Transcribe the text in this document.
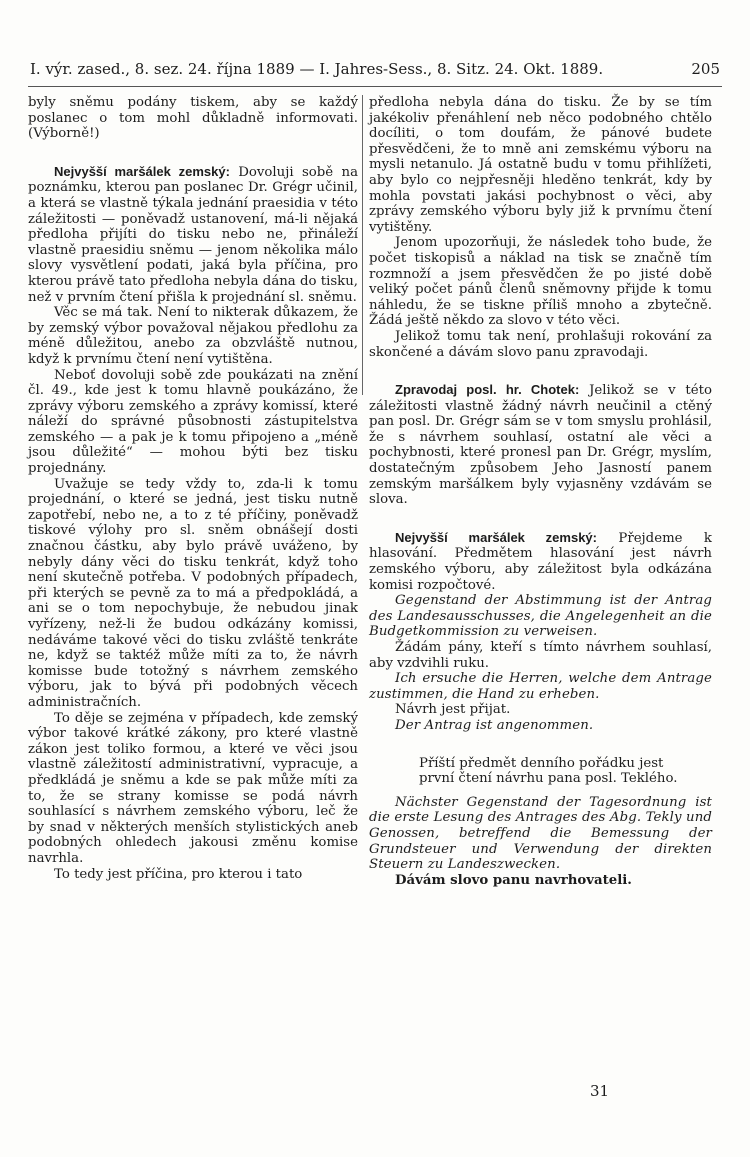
I. výr. zased., 8. sez. 24. října 1889 — I. Jahres-Sess., 8. Sitz. 24. Okt. 1889.	205

byly sněmu podány tiskem, aby se každý poslanec o tom mohl důkladně informovati. (Výborně!)

Nejvyšší maršálek zemský: Dovoluji sobě na poznámku, kterou pan poslanec Dr. Grégr učinil, a která se vlastně týkala jednání praesidia v této záležitosti — poněvadž ustanovení, má-li nějaká předloha přijíti do tisku nebo ne, přináleží vlastně praesidiu sněmu — jenom několika málo slovy vysvětlení podati, jaká byla příčina, pro kterou právě tato předloha nebyla dána do tisku, než v prvním čtení přišla k projednání sl. sněmu.

Věc se má tak. Není to nikterak důkazem, že by zemský výbor považoval nějakou předlohu za méně důležitou, anebo za obzvláště nutnou, když k prvnímu čtení není vytištěna.

Neboť dovoluji sobě zde poukázati na znění čl. 49., kde jest k tomu hlavně poukázáno, že zprávy výboru zemského a zprávy komissí, které náleží do správné působnosti zástupitelstva zemského — a pak je k tomu připojeno a „méně jsou důležité“ — mohou býti bez tisku projednány.

Uvažuje se tedy vždy to, zda-li k tomu projednání, o které se jedná, jest tisku nutně zapotřebí, nebo ne, a to z té příčiny, poněvadž tiskové výlohy pro sl. sněm obnášejí dosti značnou částku, aby bylo právě uváženo, by nebyly dány věci do tisku tenkrát, když toho není skutečně potřeba. V podobných případech, při kterých se pevně za to má a předpokládá, a ani se o tom nepochybuje, že nebudou jinak vyřízeny, než-li že budou odkázány komissi, nedáváme takové věci do tisku zvláště tenkráte ne, když se taktéž může míti za to, že návrh komisse bude totožný s návrhem zemského výboru, jak to bývá při podobných věcech administračních.

To děje se zejména v případech, kde zemský výbor takové krátké zákony, pro které vlastně zákon jest toliko formou, a které ve věci jsou vlastně záležitostí administrativní, vypracuje, a předkládá je sněmu a kde se pak může míti za to, že se strany komisse se podá návrh souhlasící s návrhem zemského výboru, leč že by snad v některých menších stylistických aneb podobných ohledech jakousi změnu komise navrhla.

To tedy jest příčina, pro kterou i tato

předloha nebyla dána do tisku. Že by se tím jakékoliv přenáhlení neb něco podobného chtělo docíliti, o tom doufám, že pánové budete přesvědčeni, že to mně ani zemskému výboru na mysli netanulo. Já ostatně budu v tomu přihlížeti, aby bylo co nejpřesněji hleděno tenkrát, kdy by mohla povstati jakási pochybnost o věci, aby zprávy zemského výboru byly již k prvnímu čtení vytištěny.

Jenom upozorňuji, že následek toho bude, že počet tiskopisů a náklad na tisk se značně tím rozmnoží a jsem přesvědčen že po jisté době veliký počet pánů členů sněmovny přijde k tomu náhledu, že se tiskne příliš mnoho a zbytečně. Žádá ještě někdo za slovo v této věci.

Jelikož tomu tak není, prohlašuji rokování za skončené a dávám slovo panu zpravodaji.

Zpravodaj posl. hr. Chotek: Jelikož se v této záležitosti vlastně žádný návrh neučinil a ctěný pan posl. Dr. Grégr sám se v tom smyslu prohlásil, že s návrhem souhlasí, ostatní ale věci a pochybnosti, které pronesl pan Dr. Grégr, myslím, dostatečným způsobem Jeho Jasností panem zemským maršálkem byly vyjasněny vzdávám se slova.

Nejvyšší maršálek zemský: Přejdeme k hlasování. Předmětem hlasování jest návrh zemského výboru, aby záležitost byla odkázána komisi rozpočtové.

Gegenstand der Abstimmung ist der Antrag des Landesausschusses, die Angelegenheit an die Budgetkommission zu verweisen.

Žádám pány, kteří s tímto návrhem souhlasí, aby vzdvihli ruku.

Ich ersuche die Herren, welche dem Antrage zustimmen, die Hand zu erheben.

Návrh jest přijat.

Der Antrag ist angenommen.

Příští předmět denního pořádku jest první čtení návrhu pana posl. Teklého.

Nächster Gegenstand der Tagesordnung ist die erste Lesung des Antrages des Abg. Tekly und Genossen, betreffend die Bemessung der Grundsteuer und Verwendung der direkten Steuern zu Landeszwecken.

Dávám slovo panu navrhovateli.

31
